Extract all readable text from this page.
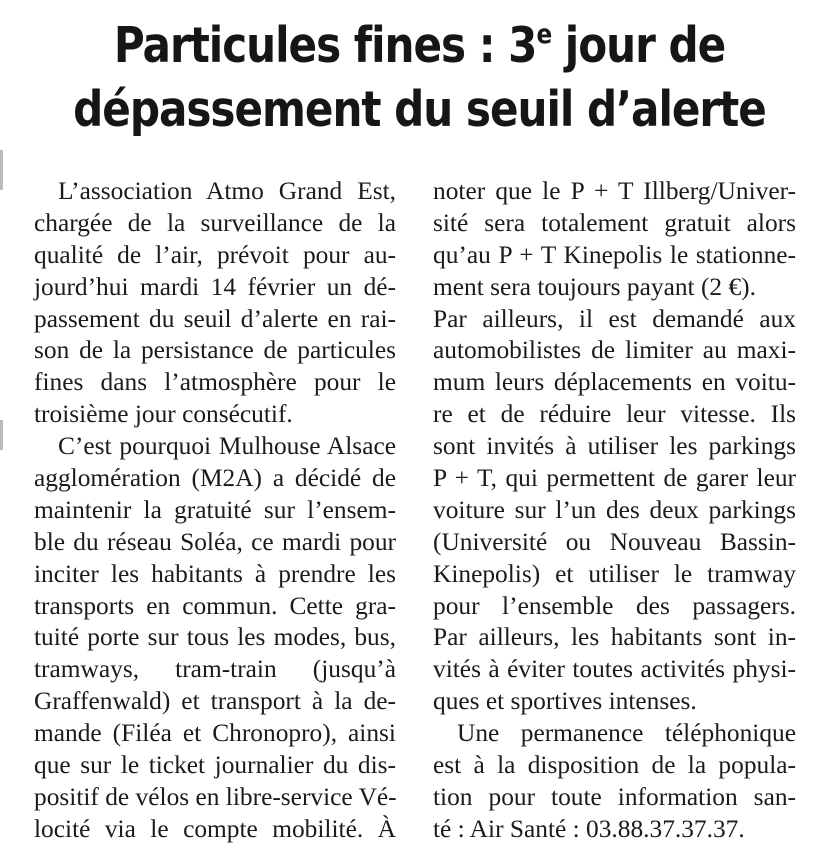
Particules fines : 3e jour de
dépassement du seuil d’alerte
L’association Atmo Grand Est,
chargée de la surveillance de la
qualité de l’air, prévoit pour au-
jourd’hui mardi 14 février un dé-
passement du seuil d’alerte en rai-
son de la persistance de particules
fines dans l’atmosphère pour le
troisième jour consécutif.
C’est pourquoi Mulhouse Alsace
agglomération (M2A) a décidé de
maintenir la gratuité sur l’ensem-
ble du réseau Soléa, ce mardi pour
inciter les habitants à prendre les
transports en commun. Cette gra-
tuité porte sur tous les modes, bus,
tramways, tram-train (jusqu’à
Graffenwald) et transport à la de-
mande (Filéa et Chronopro), ainsi
que sur le ticket journalier du dis-
positif de vélos en libre-service Vé-
locité via le compte mobilité. À
noter que le P + T Illberg/Univer-
sité sera totalement gratuit alors
qu’au P + T Kinepolis le stationne-
ment sera toujours payant (2 €).
Par ailleurs, il est demandé aux
automobilistes de limiter au maxi-
mum leurs déplacements en voitu-
re et de réduire leur vitesse. Ils
sont invités à utiliser les parkings
P + T, qui permettent de garer leur
voiture sur l’un des deux parkings
(Université ou Nouveau Bassin-
Kinepolis) et utiliser le tramway
pour l’ensemble des passagers.
Par ailleurs, les habitants sont in-
vités à éviter toutes activités physi-
ques et sportives intenses.
Une permanence téléphonique
est à la disposition de la popula-
tion pour toute information san-
té : Air Santé : 03.88.37.37.37.
